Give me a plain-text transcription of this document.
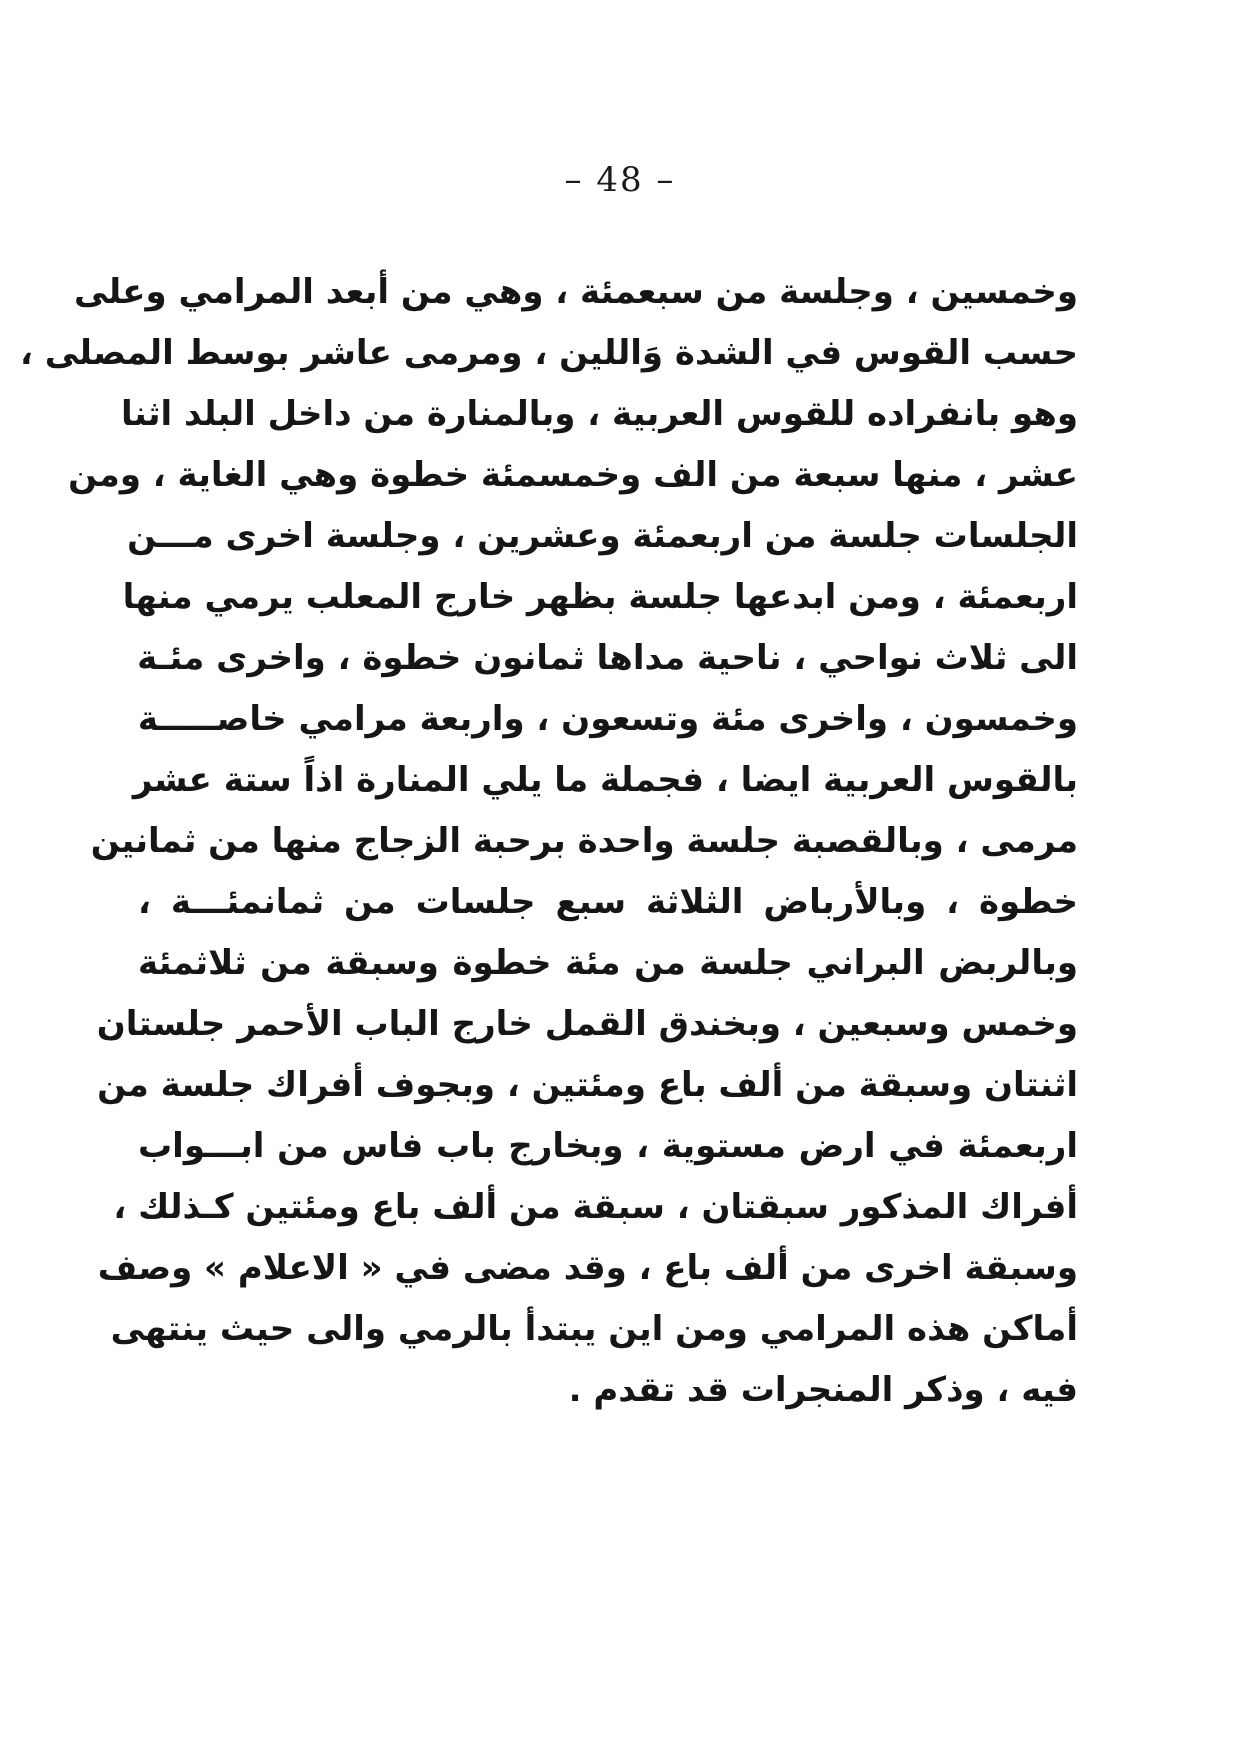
– 48 –
وخمسين ، وجلسة من سبعمئة ، وهي من أبعد المرامي وعلى
حسب القوس في الشدة وَاللين ، ومرمى عاشر بوسط المصلى ،
وهو بانفراده للقوس العربية ، وبالمنارة من داخل البلد اثنا
عشر ، منها سبعة من الف وخمسمئة خطوة وهي الغاية ، ومن
الجلسات جلسة من اربعمئة وعشرين ، وجلسة اخرى مـــن
اربعمئة ، ومن ابدعها جلسة بظهر خارج المعلب يرمي منها
الى ثلاث نواحي ، ناحية مداها ثمانون خطوة ، واخرى مئـة
وخمسون ، واخرى مئة وتسعون ، واربعة مرامي خاصـــــة
بالقوس العربية ايضا ، فجملة ما يلي المنارة اذاً ستة عشر
مرمى ، وبالقصبة جلسة واحدة برحبة الزجاج منها من ثمانين
خطوة ، وبالأرباض الثلاثة سبع جلسات من ثمانمئـــة ،
وبالربض البراني جلسة من مئة خطوة وسبقة من ثلاثمئة
وخمس وسبعين ، وبخندق القمل خارج الباب الأحمر جلستان
اثنتان وسبقة من ألف باع ومئتين ، وبجوف أفراك جلسة من
اربعمئة في ارض مستوية ، وبخارج باب فاس من ابـــواب
أفراك المذكور سبقتان ، سبقة من ألف باع ومئتين كـذلك ،
وسبقة اخرى من ألف باع ، وقد مضى في « الاعلام » وصف
أماكن هذه المرامي ومن اين يبتدأ بالرمي والى حيث ينتهى
فيه ، وذكر المنجرات قد تقدم .
